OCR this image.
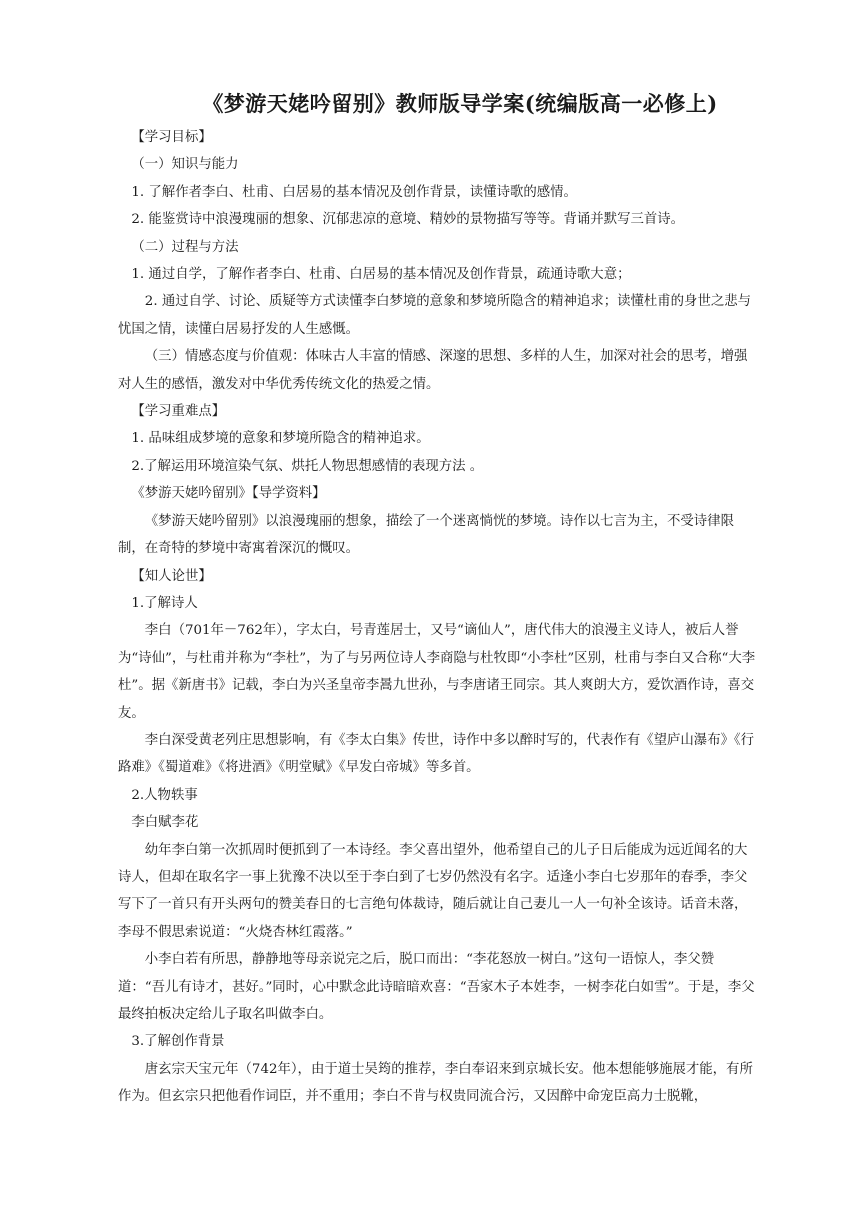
《梦游天姥吟留别》教师版导学案(统编版高一必修上)

【学习目标】

（一）知识与能力

1. 了解作者李白、杜甫、白居易的基本情况及创作背景，读懂诗歌的感情。

2. 能鉴赏诗中浪漫瑰丽的想象、沉郁悲凉的意境、精妙的景物描写等等。背诵并默写三首诗。

（二）过程与方法

1. 通过自学，了解作者李白、杜甫、白居易的基本情况及创作背景，疏通诗歌大意；

2. 通过自学、讨论、质疑等方式读懂李白梦境的意象和梦境所隐含的精神追求；读懂杜甫的身世之悲与忧国之情，读懂白居易抒发的人生感慨。

（三）情感态度与价值观：体味古人丰富的情感、深邃的思想、多样的人生，加深对社会的思考，增强对人生的感悟，激发对中华优秀传统文化的热爱之情。

【学习重难点】

1. 品味组成梦境的意象和梦境所隐含的精神追求。

2.了解运用环境渲染气氛、烘托人物思想感情的表现方法 。

《梦游天姥吟留别》【导学资料】

《梦游天姥吟留别》以浪漫瑰丽的想象，描绘了一个迷离惝恍的梦境。诗作以七言为主，不受诗律限制，在奇特的梦境中寄寓着深沉的慨叹。

【知人论世】

1.了解诗人

李白（701年－762年），字太白，号青莲居士，又号“谪仙人”，唐代伟大的浪漫主义诗人，被后人誉为“诗仙”，与杜甫并称为“李杜”，为了与另两位诗人李商隐与杜牧即“小李杜”区别，杜甫与李白又合称“大李杜”。据《新唐书》记载，李白为兴圣皇帝李暠九世孙，与李唐诸王同宗。其人爽朗大方，爱饮酒作诗，喜交友。

李白深受黄老列庄思想影响，有《李太白集》传世，诗作中多以醉时写的，代表作有《望庐山瀑布》《行路难》《蜀道难》《将进酒》《明堂赋》《早发白帝城》等多首。

2.人物轶事

李白赋李花

幼年李白第一次抓周时便抓到了一本诗经。李父喜出望外，他希望自己的儿子日后能成为远近闻名的大诗人，但却在取名字一事上犹豫不决以至于李白到了七岁仍然没有名字。适逢小李白七岁那年的春季，李父写下了一首只有开头两句的赞美春日的七言绝句体裁诗，随后就让自己妻儿一人一句补全该诗。话音未落，李母不假思索说道：“火烧杏林红霞落。”

小李白若有所思，静静地等母亲说完之后，脱口而出：“李花怒放一树白。”这句一语惊人，李父赞道：“吾儿有诗才，甚好。”同时，心中默念此诗暗暗欢喜：“吾家木子本姓李，一树李花白如雪”。于是，李父最终拍板决定给儿子取名叫做李白。

3.了解创作背景

唐玄宗天宝元年（742年），由于道士吴筠的推荐，李白奉诏来到京城长安。他本想能够施展才能，有所作为。但玄宗只把他看作词臣，并不重用；李白不肯与权贵同流合污，又因醉中命宠臣高力士脱靴，
